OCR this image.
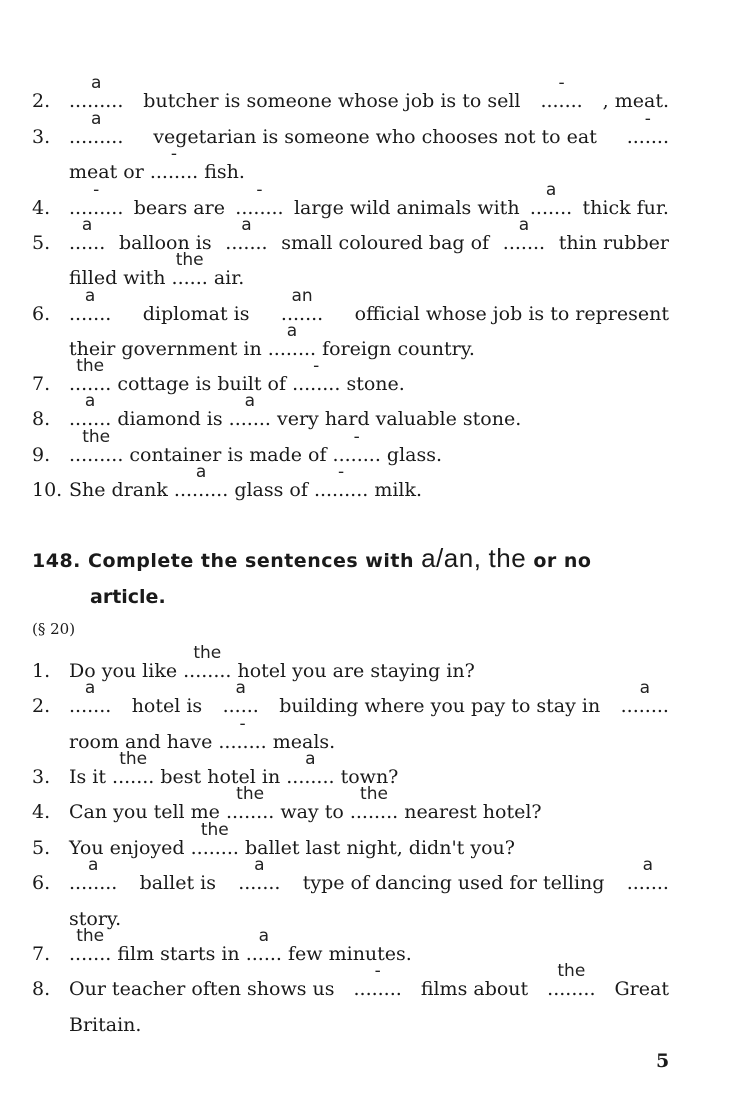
2.
a
......... butcher is someone whose job is to sell
-
....... , meat.
3.
a
......... vegetarian is someone who chooses not to eat
-
.......
meat or
-
........ fish.
4.
-
......... bears are
-
........ large wild animals with
a
....... thick fur.
5.
a
...... balloon is
a
....... small coloured bag of
a
....... thin rubber
filled with
the
...... air.
6.
a
....... diplomat is
an
....... official whose job is to represent
their government in
a
........ foreign country.
7.
the
....... cottage is built of
-
........ stone.
8.
a
....... diamond is
a
....... very hard valuable stone.
9.
the
......... container is made of
-
........ glass.
10. She drank
a
......... glass of
-
......... milk.
148. Complete the sentences with a/an, the or no
article.
(§ 20)
1. Do you like
the
........ hotel you are staying in?
2.
a
....... hotel is
a
...... building where you pay to stay in
a
........
room and have
-
........ meals.
3. Is it
the
....... best hotel in
a
........ town?
4. Can you tell me
the
........ way to
the
........ nearest hotel?
5. You enjoyed
the
........ ballet last night, didn't you?
6.
a
........ ballet is
a
....... type of dancing used for telling
a
.......
story.
7.
the
....... film starts in
a
...... few minutes.
8. Our teacher often shows us
-
........ films about
the
........ Great
Britain.
5
